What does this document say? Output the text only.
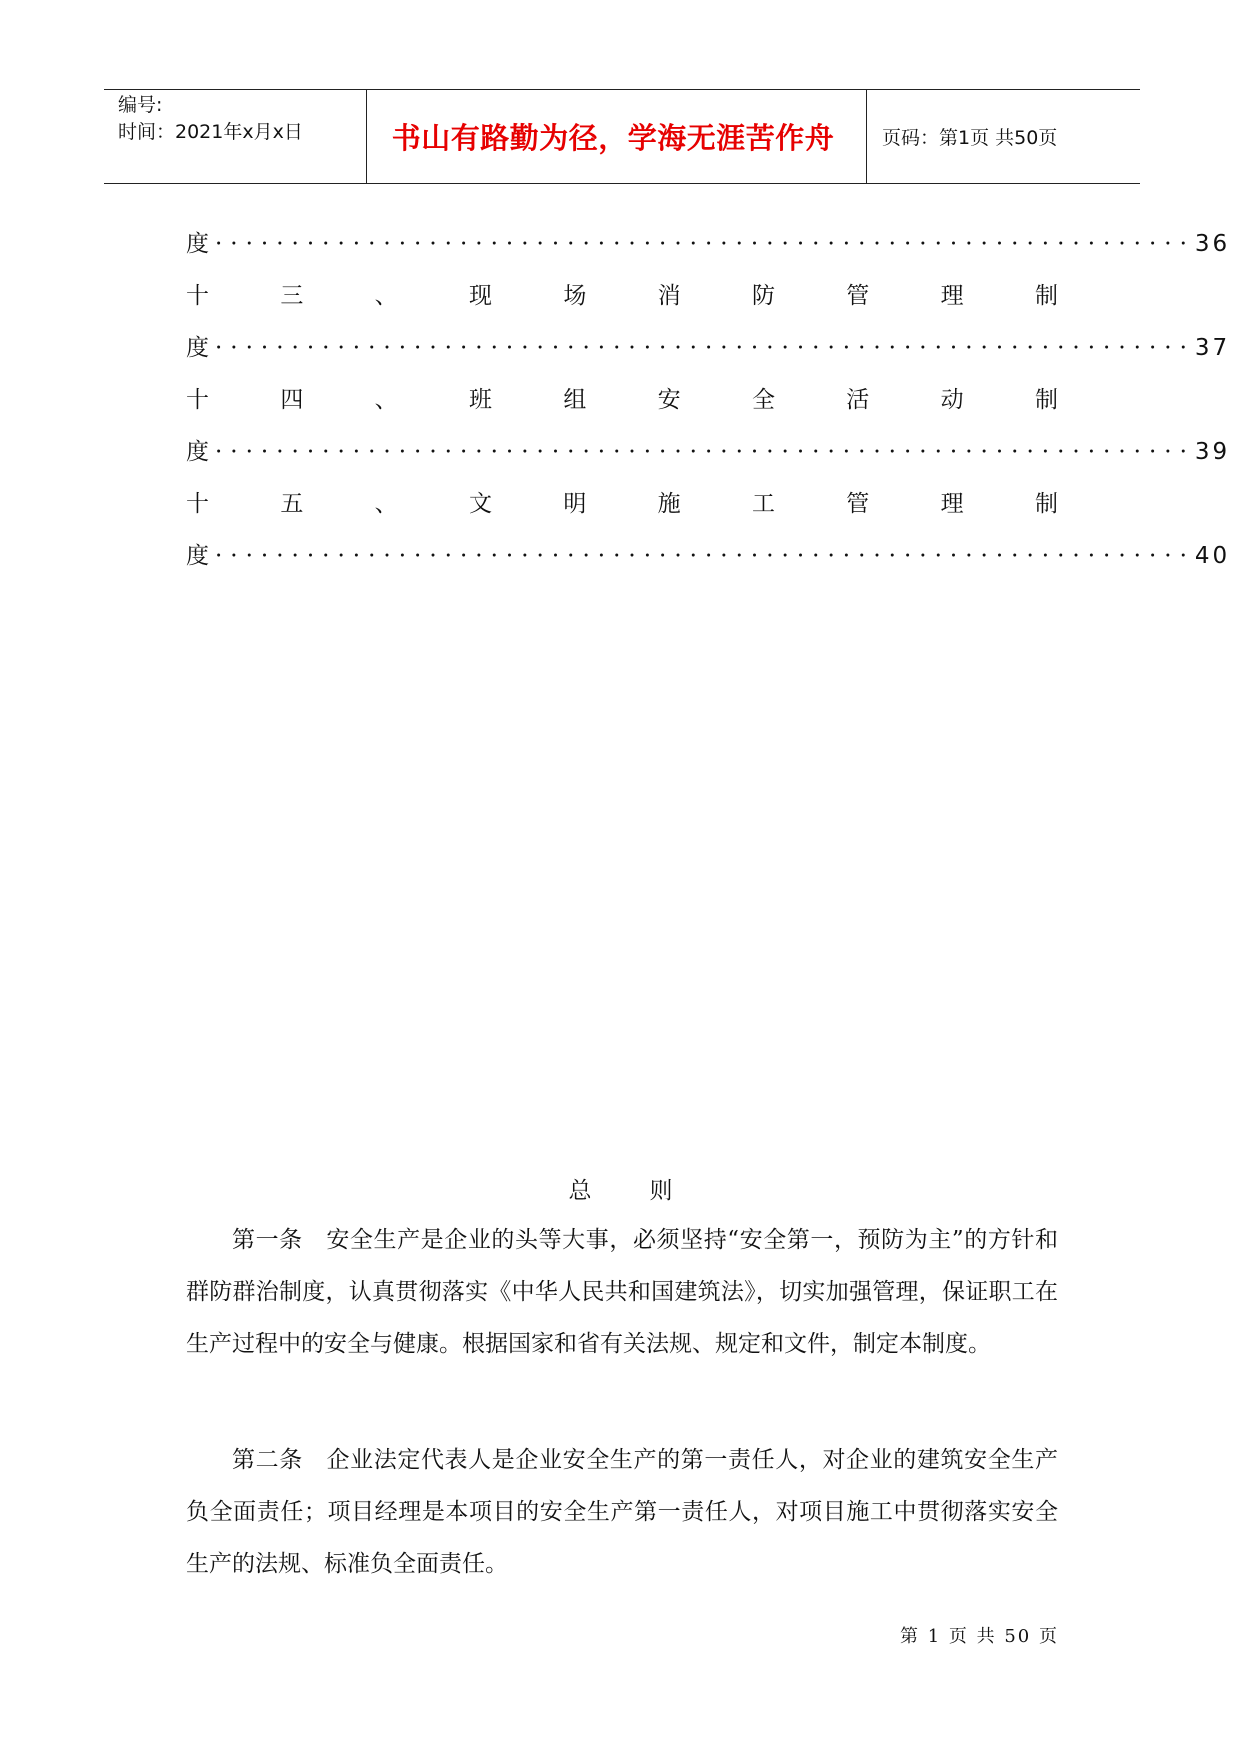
编号:
时间：2021年x月x日	书山有路勤为径，学海无涯苦作舟	页码：第1页 共50页
度 ································································ 36
十	三	、	现	场	消	防	管	理	制
度 ································································ 37
十	四	、	班	组	安	全	活	动	制
度 ································································ 39
十	五	、	文	明	施	工	管	理	制
度 ································································ 40
总则
第一条　安全生产是企业的头等大事，必须坚持“安全第一，预防为主”的方针和群防群治制度，认真贯彻落实《中华人民共和国建筑法》，切实加强管理，保证职工在生产过程中的安全与健康。根据国家和省有关法规、规定和文件，制定本制度。
第二条　企业法定代表人是企业安全生产的第一责任人，对企业的建筑安全生产负全面责任；项目经理是本项目的安全生产第一责任人，对项目施工中贯彻落实安全生产的法规、标准负全面责任。
第 1 页 共 50 页
